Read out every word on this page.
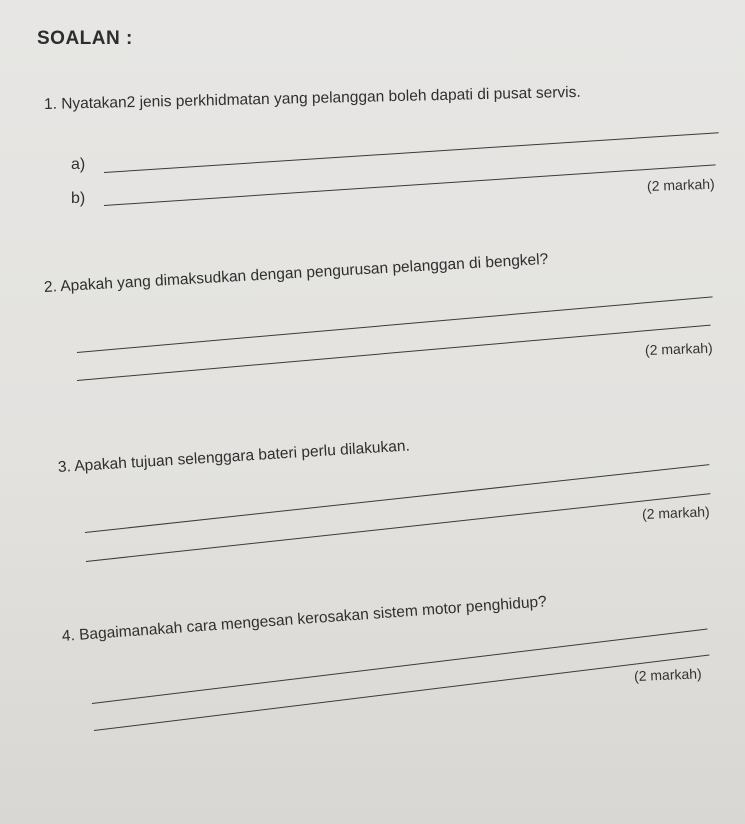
SOALAN :
1. Nyatakan2 jenis perkhidmatan yang pelanggan boleh dapati di pusat servis.
a)
b)
(2 markah)
2. Apakah yang dimaksudkan dengan pengurusan pelanggan di bengkel?
(2 markah)
3. Apakah tujuan selenggara bateri perlu dilakukan.
(2 markah)
4. Bagaimanakah cara mengesan kerosakan sistem motor penghidup?
(2 markah)
